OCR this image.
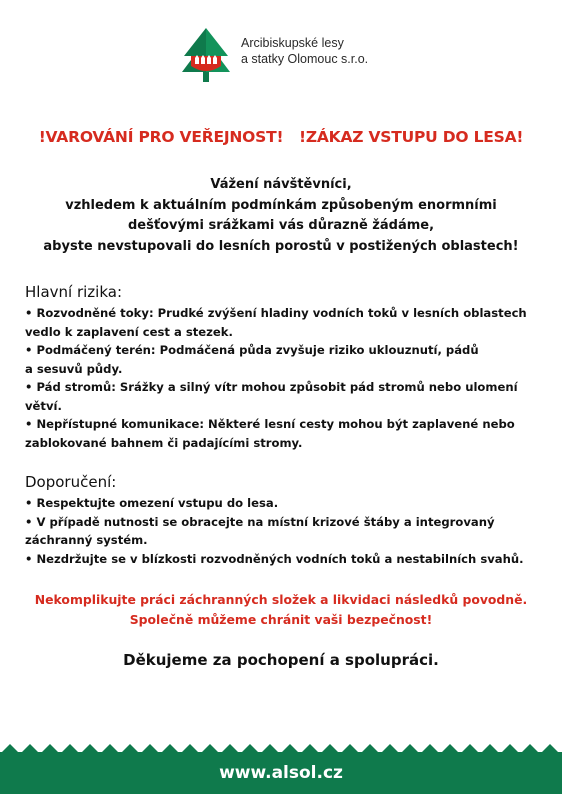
Arcibiskupské lesy
a statky Olomouc s.r.o.
!VAROVÁNÍ PRO VEŘEJNOST!   !ZÁKAZ VSTUPU DO LESA!
Vážení návštěvníci,
vzhledem k aktuálním podmínkám způsobeným enormními
dešťovými srážkami vás důrazně žádáme,
abyste nevstupovali do lesních porostů v postižených oblastech!
Hlavní rizika:
• Rozvodněné toky: Prudké zvýšení hladiny vodních toků v lesních oblastech
vedlo k zaplavení cest a stezek.
• Podmáčený terén: Podmáčená půda zvyšuje riziko uklouznutí, pádů
a sesuvů půdy.
• Pád stromů: Srážky a silný vítr mohou způsobit pád stromů nebo ulomení
větví.
• Nepřístupné komunikace: Některé lesní cesty mohou být zaplavené nebo
zablokované bahnem či padajícími stromy.
Doporučení:
• Respektujte omezení vstupu do lesa.
• V případě nutnosti se obracejte na místní krizové štáby a integrovaný
záchranný systém.
• Nezdržujte se v blízkosti rozvodněných vodních toků a nestabilních svahů.
Nekomplikujte práci záchranných složek a likvidaci následků povodně.
Společně můžeme chránit vaši bezpečnost!
Děkujeme za pochopení a spolupráci.
www.alsol.cz
